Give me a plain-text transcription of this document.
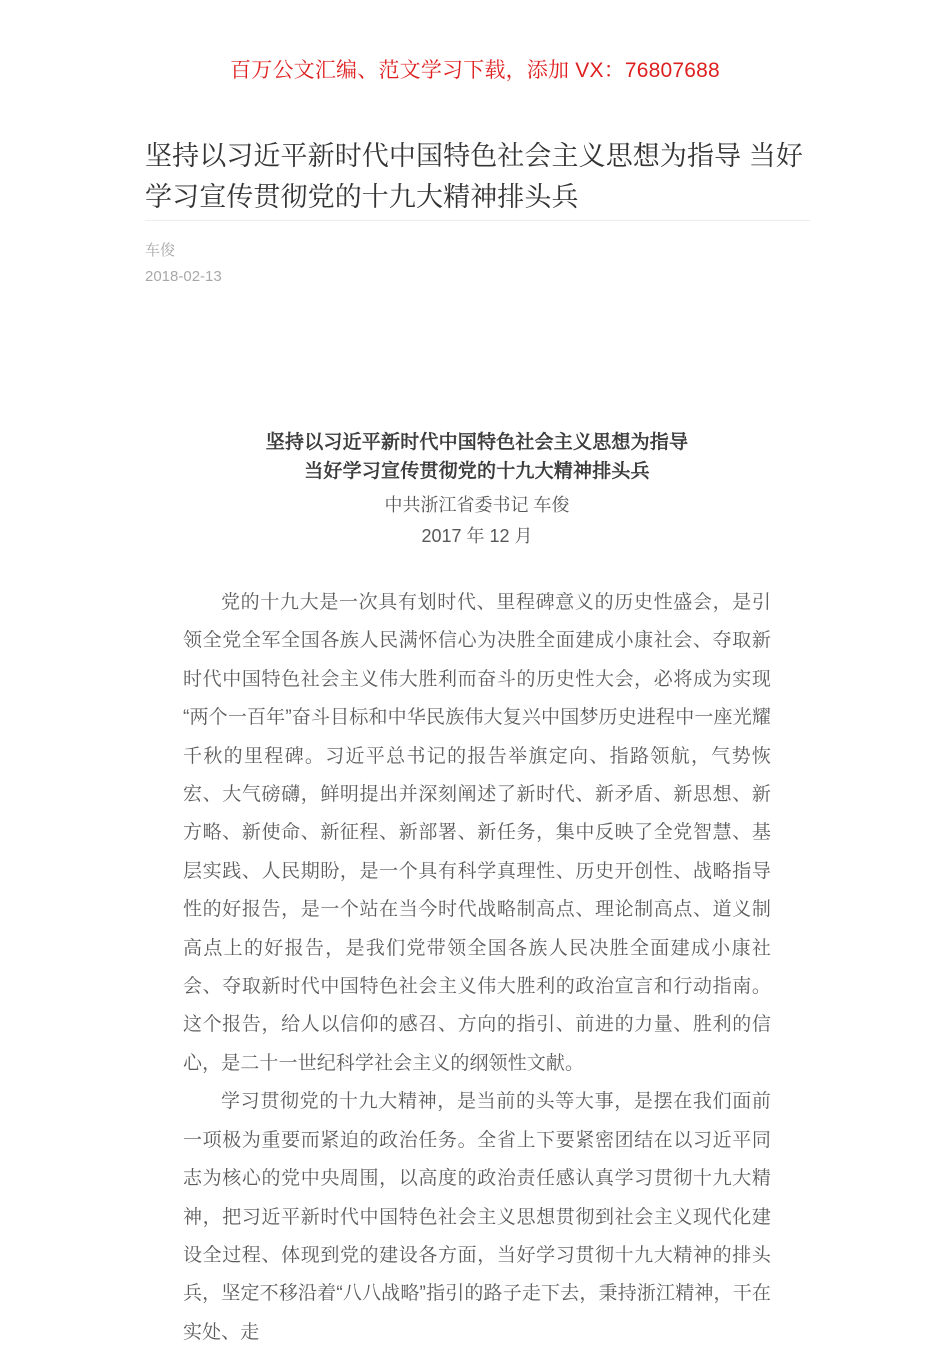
百万公文汇编、范文学习下载，添加 VX：76807688
坚持以习近平新时代中国特色社会主义思想为指导 当好学习宣传贯彻党的十九大精神排头兵
车俊
2018-02-13
坚持以习近平新时代中国特色社会主义思想为指导
当好学习宣传贯彻党的十九大精神排头兵
中共浙江省委书记 车俊
2017 年 12 月

党的十九大是一次具有划时代、里程碑意义的历史性盛会，是引领全党全军全国各族人民满怀信心为决胜全面建成小康社会、夺取新时代中国特色社会主义伟大胜利而奋斗的历史性大会，必将成为实现“两个一百年”奋斗目标和中华民族伟大复兴中国梦历史进程中一座光耀千秋的里程碑。习近平总书记的报告举旗定向、指路领航，气势恢宏、大气磅礴，鲜明提出并深刻阐述了新时代、新矛盾、新思想、新方略、新使命、新征程、新部署、新任务，集中反映了全党智慧、基层实践、人民期盼，是一个具有科学真理性、历史开创性、战略指导性的好报告，是一个站在当今时代战略制高点、理论制高点、道义制高点上的好报告，是我们党带领全国各族人民决胜全面建成小康社会、夺取新时代中国特色社会主义伟大胜利的政治宣言和行动指南。这个报告，给人以信仰的感召、方向的指引、前进的力量、胜利的信心，是二十一世纪科学社会主义的纲领性文献。

学习贯彻党的十九大精神，是当前的头等大事，是摆在我们面前一项极为重要而紧迫的政治任务。全省上下要紧密团结在以习近平同志为核心的党中央周围，以高度的政治责任感认真学习贯彻十九大精神，把习近平新时代中国特色社会主义思想贯彻到社会主义现代化建设全过程、体现到党的建设各方面，当好学习贯彻十九大精神的排头兵，坚定不移沿着“八八战略”指引的路子走下去，秉持浙江精神，干在实处、走
